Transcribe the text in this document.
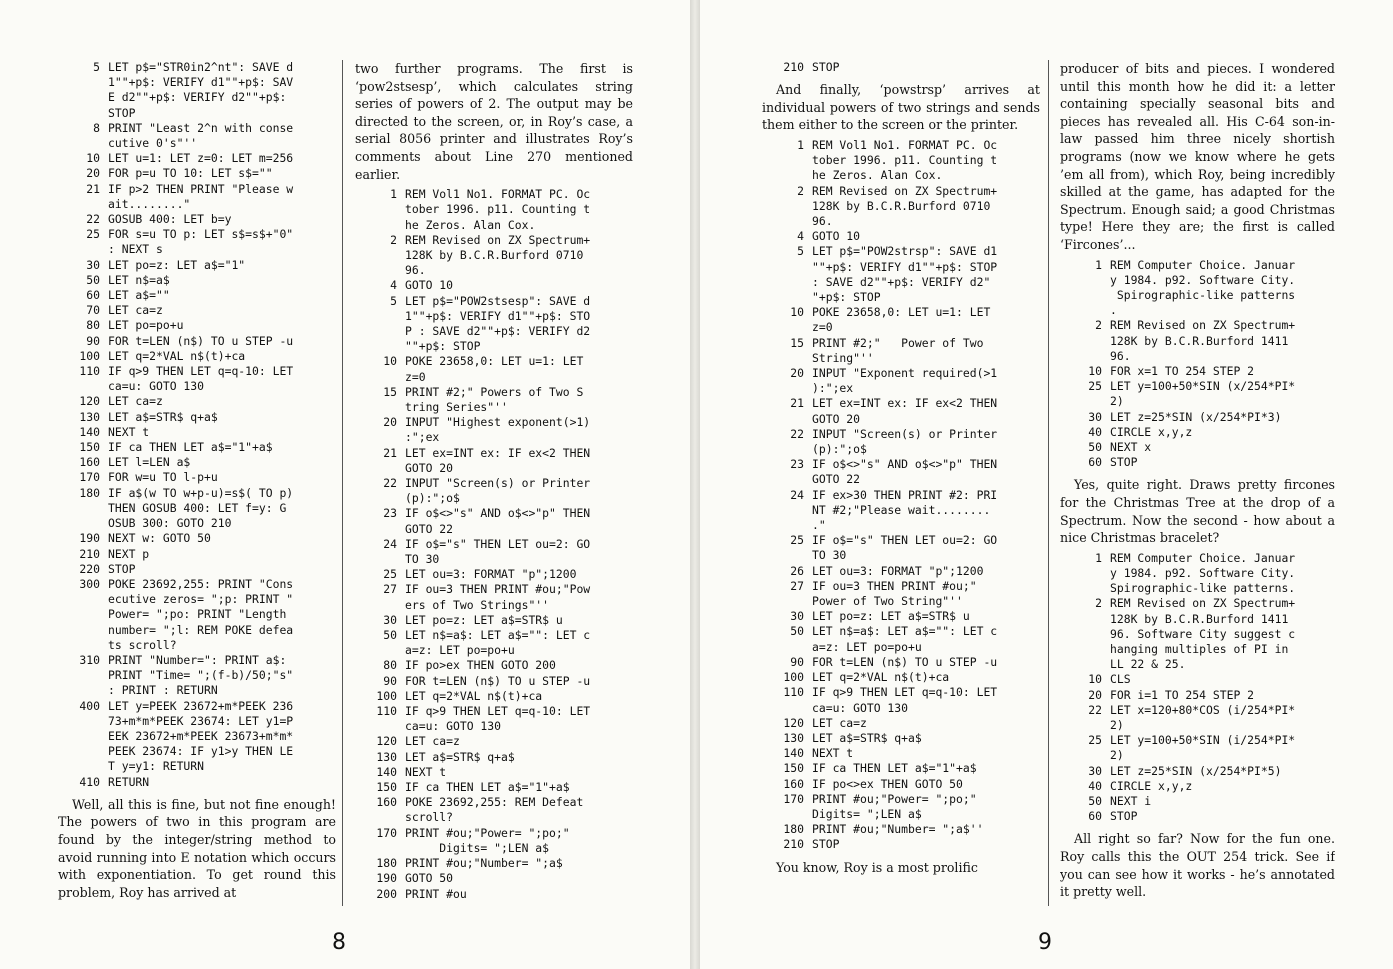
5 LET p$="STR0in2^nt": SAVE d
1""+p$: VERIFY d1""+p$: SAV
E d2""+p$: VERIFY d2""+p$:
STOP
8 PRINT "Least 2^n with conse
cutive 0's"''
10 LET u=1: LET z=0: LET m=256
20 FOR p=u TO 10: LET s$=""
21 IF p>2 THEN PRINT "Please w
ait........"
22 GOSUB 400: LET b=y
25 FOR s=u TO p: LET s$=s$+"0"
: NEXT s
30 LET po=z: LET a$="1"
50 LET n$=a$
60 LET a$=""
70 LET ca=z
80 LET po=po+u
90 FOR t=LEN (n$) TO u STEP -u
100 LET q=2*VAL n$(t)+ca
110 IF q>9 THEN LET q=q-10: LET
ca=u: GOTO 130
120 LET ca=z
130 LET a$=STR$ q+a$
140 NEXT t
150 IF ca THEN LET a$="1"+a$
160 LET l=LEN a$
170 FOR w=u TO l-p+u
180 IF a$(w TO w+p-u)=s$( TO p)
THEN GOSUB 400: LET f=y: G
OSUB 300: GOTO 210
190 NEXT w: GOTO 50
210 NEXT p
220 STOP
300 POKE 23692,255: PRINT "Cons
ecutive zeros= ";p: PRINT "
Power= ";po: PRINT "Length
number= ";l: REM POKE defea
ts scroll?
310 PRINT "Number=": PRINT a$:
PRINT "Time= ";(f-b)/50;"s"
: PRINT : RETURN
400 LET y=PEEK 23672+m*PEEK 236
73+m*m*PEEK 23674: LET y1=P
EEK 23672+m*PEEK 23673+m*m*
PEEK 23674: IF y1>y THEN LE
T y=y1: RETURN
410 RETURN

Well, all this is fine, but not fine enough! The powers of two in this program are found by the integer/string method to avoid running into E notation which occurs with exponentiation. To get round this problem, Roy has arrived at

two further programs. The first is ‘pow2stsesp’, which calculates string series of powers of 2. The output may be directed to the screen, or, in Roy’s case, a serial 8056 printer and illustrates Roy’s comments about Line 270 mentioned earlier.

1 REM Vol1 No1. FORMAT PC. Oc
tober 1996. p11. Counting t
he Zeros. Alan Cox.
2 REM Revised on ZX Spectrum+
128K by B.C.R.Burford 0710
96.
4 GOTO 10
5 LET p$="POW2stsesp": SAVE d
1""+p$: VERIFY d1""+p$: STO
P : SAVE d2""+p$: VERIFY d2
""+p$: STOP
10 POKE 23658,0: LET u=1: LET
z=0
15 PRINT #2;" Powers of Two S
tring Series"''
20 INPUT "Highest exponent(>1)
:";ex
21 LET ex=INT ex: IF ex<2 THEN
GOTO 20
22 INPUT "Screen(s) or Printer
(p):";o$
23 IF o$<>"s" AND o$<>"p" THEN
GOTO 22
24 IF o$="s" THEN LET ou=2: GO
TO 30
25 LET ou=3: FORMAT "p";1200
27 IF ou=3 THEN PRINT #ou;"Pow
ers of Two Strings"''
30 LET po=z: LET a$=STR$ u
50 LET n$=a$: LET a$="": LET c
a=z: LET po=po+u
80 IF po>ex THEN GOTO 200
90 FOR t=LEN (n$) TO u STEP -u
100 LET q=2*VAL n$(t)+ca
110 IF q>9 THEN LET q=q-10: LET
ca=u: GOTO 130
120 LET ca=z
130 LET a$=STR$ q+a$
140 NEXT t
150 IF ca THEN LET a$="1"+a$
160 POKE 23692,255: REM Defeat
scroll?
170 PRINT #ou;"Power= ";po;"
Digits= ";LEN a$
180 PRINT #ou;"Number= ";a$
190 GOTO 50
200 PRINT #ou
8
210 STOP

And finally, ‘powstrsp’ arrives at individual powers of two strings and sends them either to the screen or the printer.

1 REM Vol1 No1. FORMAT PC. Oc
tober 1996. p11. Counting t
he Zeros. Alan Cox.
2 REM Revised on ZX Spectrum+
128K by B.C.R.Burford 0710
96.
4 GOTO 10
5 LET p$="POW2strsp": SAVE d1
""+p$: VERIFY d1""+p$: STOP
: SAVE d2""+p$: VERIFY d2"
"+p$: STOP
10 POKE 23658,0: LET u=1: LET
z=0
15 PRINT #2;"   Power of Two
String"''
20 INPUT "Exponent required(>1
):";ex
21 LET ex=INT ex: IF ex<2 THEN
GOTO 20
22 INPUT "Screen(s) or Printer
(p):";o$
23 IF o$<>"s" AND o$<>"p" THEN
GOTO 22
24 IF ex>30 THEN PRINT #2: PRI
NT #2;"Please wait........
."
25 IF o$="s" THEN LET ou=2: GO
TO 30
26 LET ou=3: FORMAT "p";1200
27 IF ou=3 THEN PRINT #ou;"
Power of Two String"''
30 LET po=z: LET a$=STR$ u
50 LET n$=a$: LET a$="": LET c
a=z: LET po=po+u
90 FOR t=LEN (n$) TO u STEP -u
100 LET q=2*VAL n$(t)+ca
110 IF q>9 THEN LET q=q-10: LET
ca=u: GOTO 130
120 LET ca=z
130 LET a$=STR$ q+a$
140 NEXT t
150 IF ca THEN LET a$="1"+a$
160 IF po<>ex THEN GOTO 50
170 PRINT #ou;"Power= ";po;"
Digits= ";LEN a$
180 PRINT #ou;"Number= ";a$''
210 STOP

You know, Roy is a most prolific

producer of bits and pieces. I wondered until this month how he did it: a letter containing specially seasonal bits and pieces has revealed all. His C-64 son-in-law passed him three nicely shortish programs (now we know where he gets ’em all from), which Roy, being incredibly skilled at the game, has adapted for the Spectrum. Enough said; a good Christmas type! Here they are; the first is called ‘Fircones’...

1 REM Computer Choice. Januar
y 1984. p92. Software City.
Spirographic-like patterns
.
2 REM Revised on ZX Spectrum+
128K by B.C.R.Burford 1411
96.
10 FOR x=1 TO 254 STEP 2
25 LET y=100+50*SIN (x/254*PI*
2)
30 LET z=25*SIN (x/254*PI*3)
40 CIRCLE x,y,z
50 NEXT x
60 STOP

Yes, quite right. Draws pretty fircones for the Christmas Tree at the drop of a Spectrum. Now the second - how about a nice Christmas bracelet?

1 REM Computer Choice. Januar
y 1984. p92. Software City.
Spirographic-like patterns.
2 REM Revised on ZX Spectrum+
128K by B.C.R.Burford 1411
96. Software City suggest c
hanging multiples of PI in
LL 22 & 25.
10 CLS
20 FOR i=1 TO 254 STEP 2
22 LET x=120+80*COS (i/254*PI*
2)
25 LET y=100+50*SIN (i/254*PI*
2)
30 LET z=25*SIN (x/254*PI*5)
40 CIRCLE x,y,z
50 NEXT i
60 STOP

All right so far? Now for the fun one. Roy calls this the OUT 254 trick. See if you can see how it works - he’s annotated it pretty well.

9
